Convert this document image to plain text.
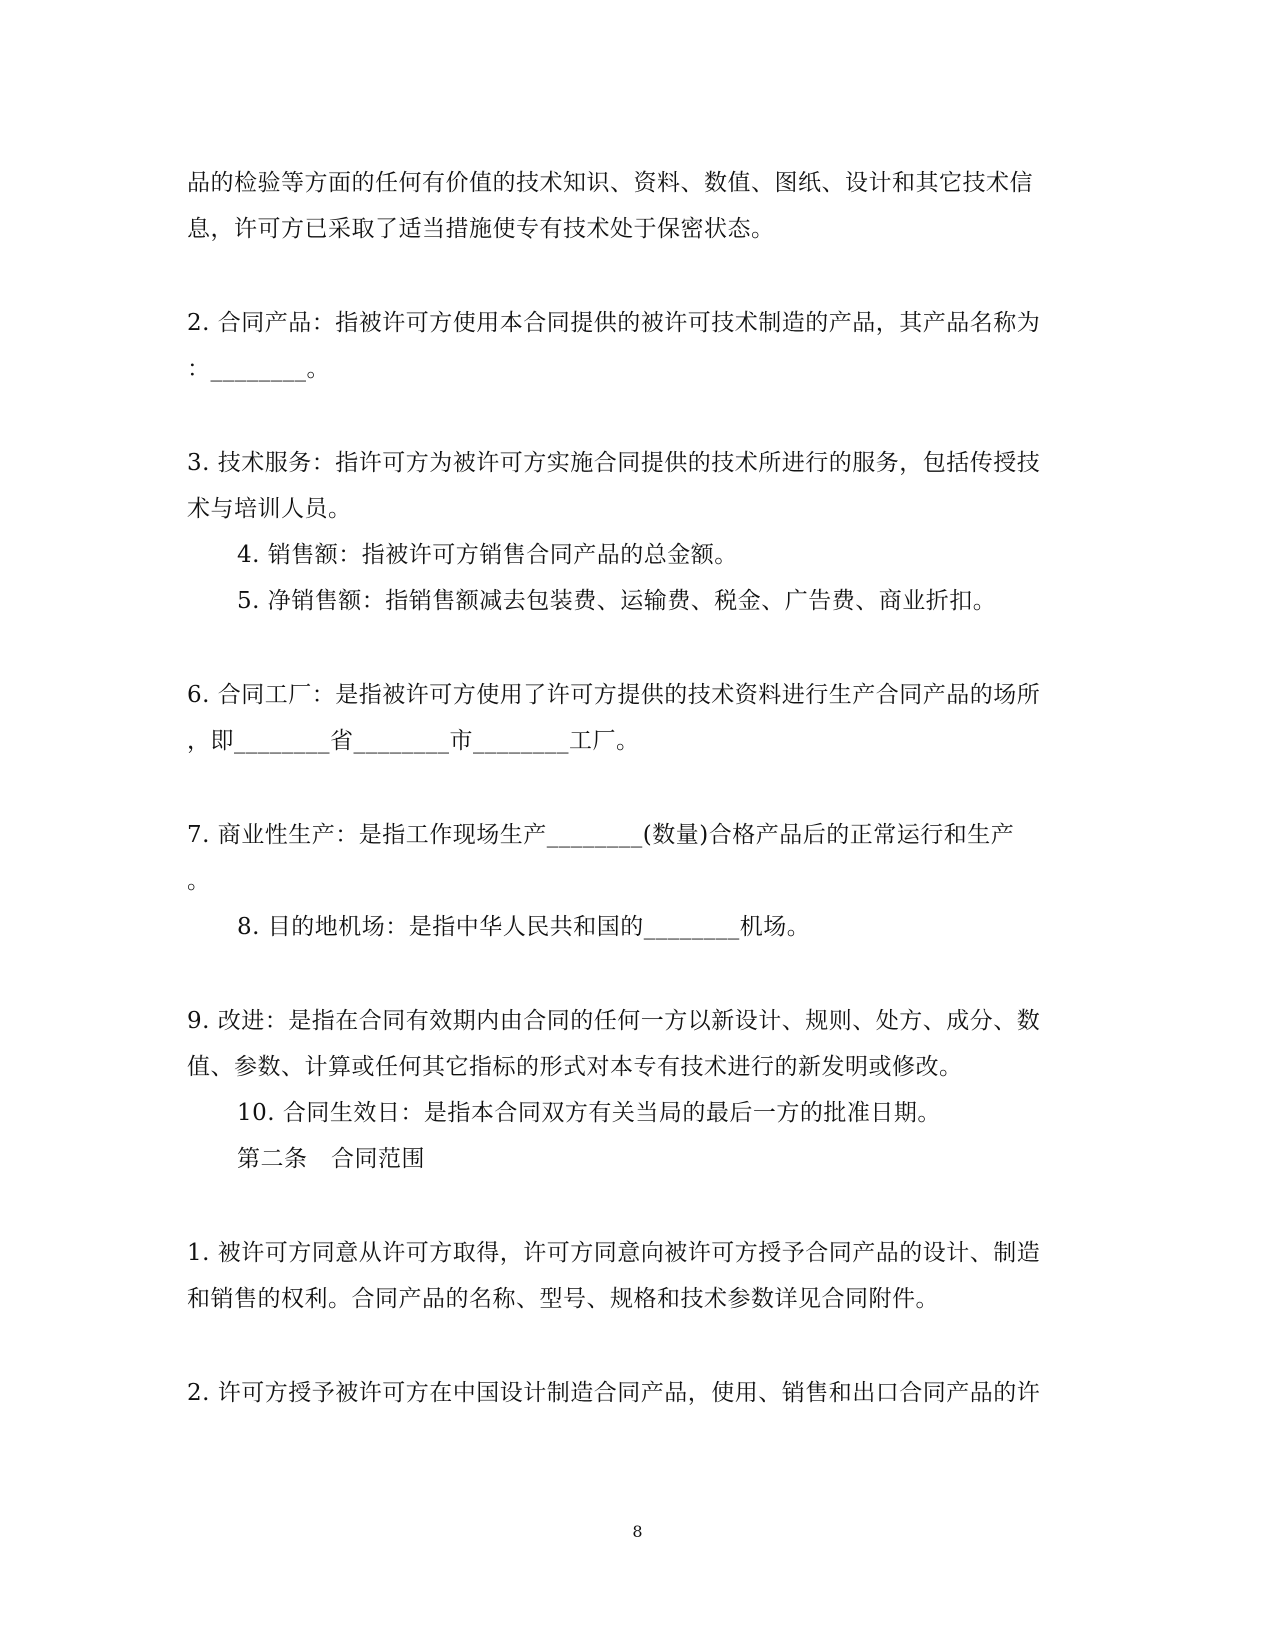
品的检验等方面的任何有价值的技术知识、资料、数值、图纸、设计和其它技术信
息，许可方已采取了适当措施使专有技术处于保密状态。
2. 合同产品：指被许可方使用本合同提供的被许可技术制造的产品，其产品名称为
：________。
3. 技术服务：指许可方为被许可方实施合同提供的技术所进行的服务，包括传授技
术与培训人员。
4. 销售额：指被许可方销售合同产品的总金额。
5. 净销售额：指销售额减去包装费、运输费、税金、广告费、商业折扣。
6. 合同工厂：是指被许可方使用了许可方提供的技术资料进行生产合同产品的场所
，即________省________市________工厂。
7. 商业性生产：是指工作现场生产________(数量)合格产品后的正常运行和生产
。
8. 目的地机场：是指中华人民共和国的________机场。
9. 改进：是指在合同有效期内由合同的任何一方以新设计、规则、处方、成分、数
值、参数、计算或任何其它指标的形式对本专有技术进行的新发明或修改。
10. 合同生效日：是指本合同双方有关当局的最后一方的批准日期。
第二条　合同范围
1. 被许可方同意从许可方取得，许可方同意向被许可方授予合同产品的设计、制造
和销售的权利。合同产品的名称、型号、规格和技术参数详见合同附件。
2. 许可方授予被许可方在中国设计制造合同产品，使用、销售和出口合同产品的许
8
